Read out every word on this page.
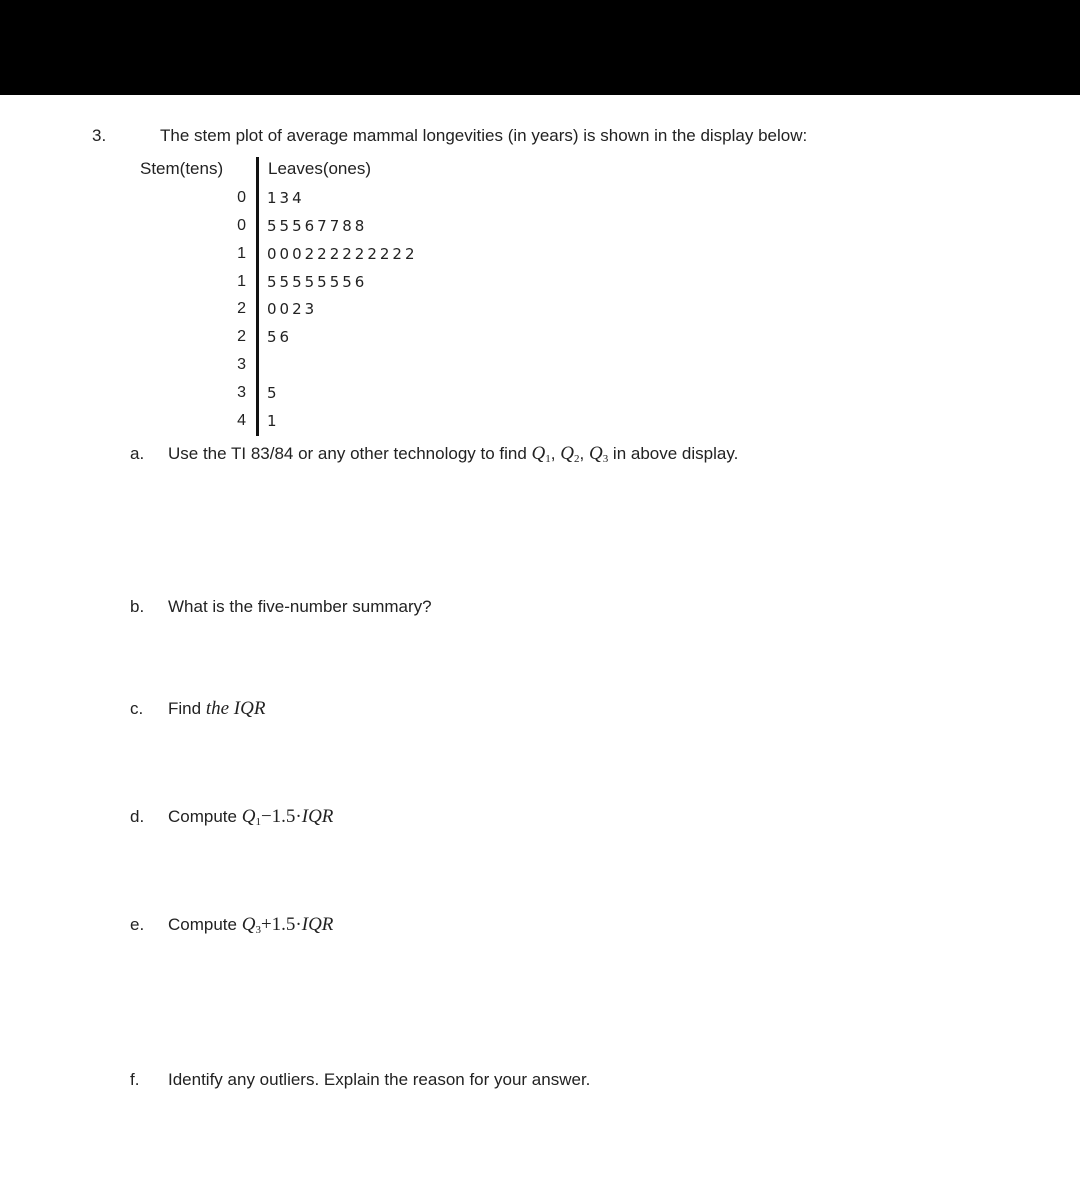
3.	The stem plot of average mammal longevities (in years) is shown in the display below:
Stem(tens)	Leaves(ones)
0 134
0 55567788
1 000222222222
1 55555556
2 0023
2 56
3
3 5
4 1
a. Use the TI 83/84 or any other technology to find $Q_1$, $Q_2$, $Q_3$ in above display.
b. What is the five-number summary?
c. Find the IQR
d. Compute $Q_1-1.5\cdot IQR$
e. Compute $Q_3+1.5\cdot IQR$
f. Identify any outliers. Explain the reason for your answer.
